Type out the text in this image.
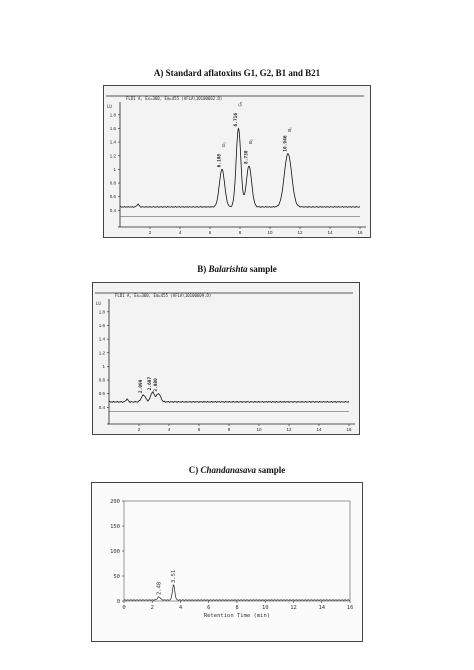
A) Standard aflatoxins G1, G2, B1 and B21
FLD1 A, Ex=360, Em=455 (AFLA\10100602.D)
LU
1.8
1.6
1.4
1.2
1
0.8
0.6
0.4
2	4	6	8	10	12	14	16
6.108
G₂
6.716
G₁
8.730
B₂	10.946
B₁
B) Balarishta sample
FLD1 A, Ex=360, Em=455 (AFLA\10100609.D)
LU
1.8
1.6
1.4
1.2
1
0.8
0.6
0.4
2	4	6	8	10	12	14	16
2.099 2.697 3.080
C) Chandanasava sample
200
150
100
50
0
0	2	4	6	8	10	12	14	16
Retention Time (min)
2.48
3.51
